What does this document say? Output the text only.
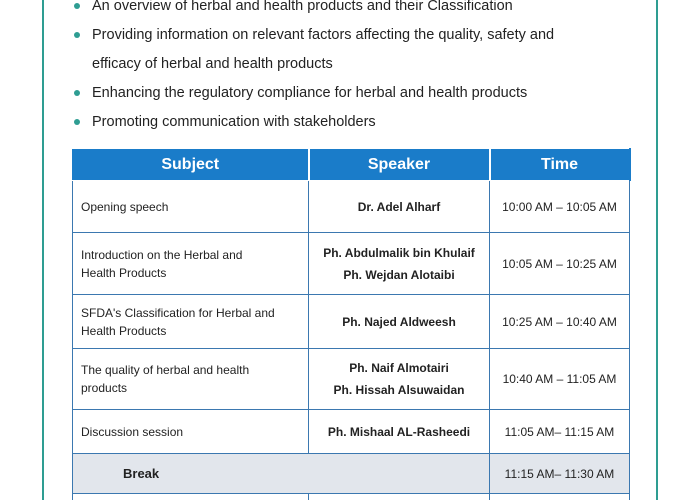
An overview of herbal and health products and their Classification
Providing information on relevant factors affecting the quality, safety and
efficacy of herbal and health products
Enhancing the regulatory compliance for herbal and health products
Promoting communication with stakeholders
Subject	Speaker	Time
Opening speech	Dr. Adel Alharf	10:00 AM – 10:05 AM
Introduction on the Herbal and
Health Products	Ph. Abdulmalik bin Khulaif
Ph. Wejdan Alotaibi	10:05 AM – 10:25 AM
SFDA's Classification for Herbal and
Health Products	Ph. Najed Aldweesh	10:25 AM – 10:40 AM
The quality of herbal and health
products	Ph. Naif Almotairi
Ph. Hissah Alsuwaidan	10:40 AM – 11:05 AM
Discussion session	Ph. Mishaal AL-Rasheedi	11:05 AM– 11:15 AM
Break		11:15 AM– 11:30 AM
